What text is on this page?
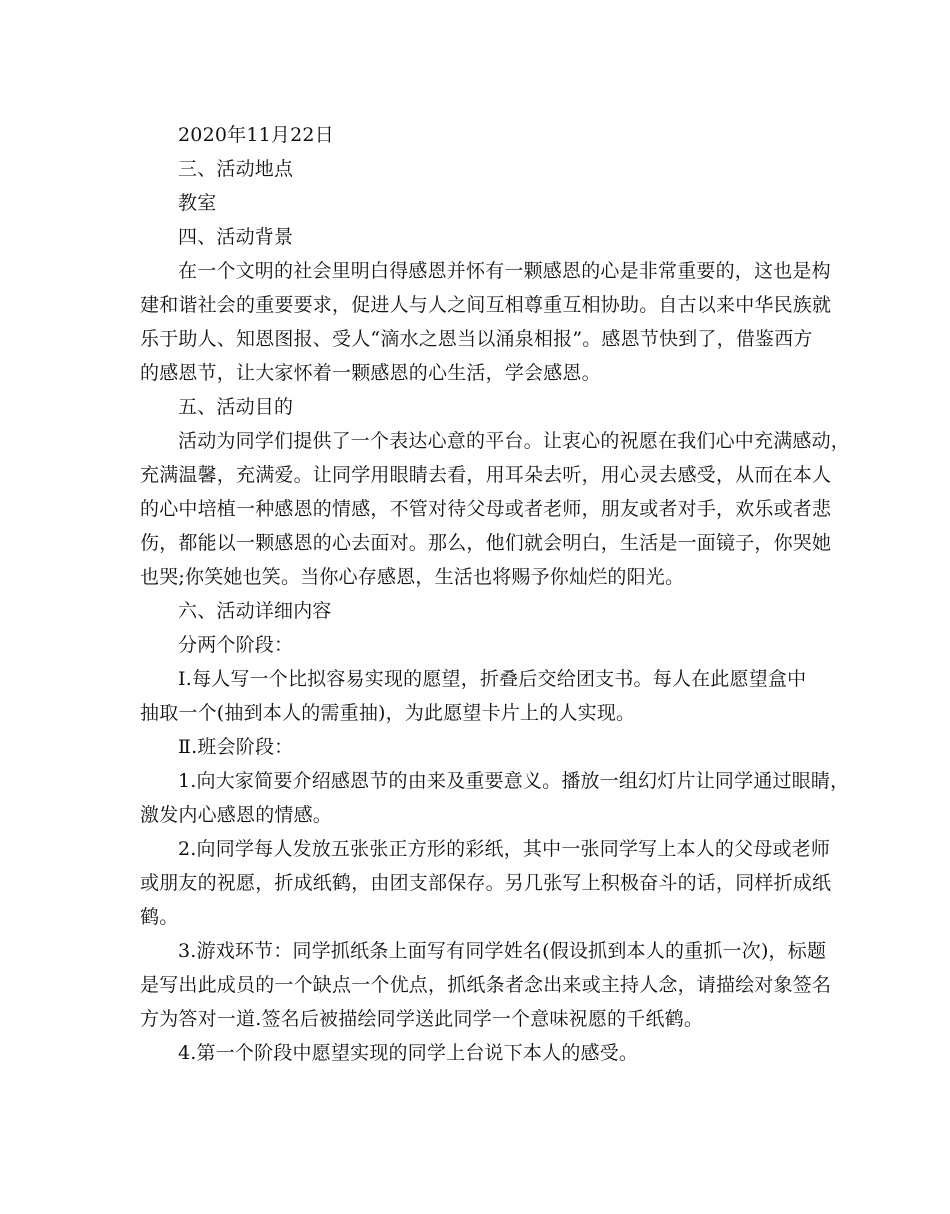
2020年11月22日
三、活动地点
教室
四、活动背景
在一个文明的社会里明白得感恩并怀有一颗感恩的心是非常重要的，这也是构
建和谐社会的重要要求，促进人与人之间互相尊重互相协助。自古以来中华民族就
乐于助人、知恩图报、受人“滴水之恩当以涌泉相报”。感恩节快到了，借鉴西方
的感恩节，让大家怀着一颗感恩的心生活，学会感恩。
五、活动目的
活动为同学们提供了一个表达心意的平台。让衷心的祝愿在我们心中充满感动，
充满温馨，充满爱。让同学用眼睛去看，用耳朵去听，用心灵去感受，从而在本人
的心中培植一种感恩的情感，不管对待父母或者老师，朋友或者对手，欢乐或者悲
伤，都能以一颗感恩的心去面对。那么，他们就会明白，生活是一面镜子，你哭她
也哭;你笑她也笑。当你心存感恩，生活也将赐予你灿烂的阳光。
六、活动详细内容
分两个阶段：
Ⅰ.每人写一个比拟容易实现的愿望，折叠后交给团支书。每人在此愿望盒中
抽取一个(抽到本人的需重抽)，为此愿望卡片上的人实现。
Ⅱ.班会阶段：
1.向大家简要介绍感恩节的由来及重要意义。播放一组幻灯片让同学通过眼睛，
激发内心感恩的情感。
2.向同学每人发放五张张正方形的彩纸，其中一张同学写上本人的父母或老师
或朋友的祝愿，折成纸鹤，由团支部保存。另几张写上积极奋斗的话，同样折成纸
鹤。
3.游戏环节：同学抓纸条上面写有同学姓名(假设抓到本人的重抓一次)，标题
是写出此成员的一个缺点一个优点，抓纸条者念出来或主持人念，请描绘对象签名
方为答对一道.签名后被描绘同学送此同学一个意味祝愿的千纸鹤。
4.第一个阶段中愿望实现的同学上台说下本人的感受。
